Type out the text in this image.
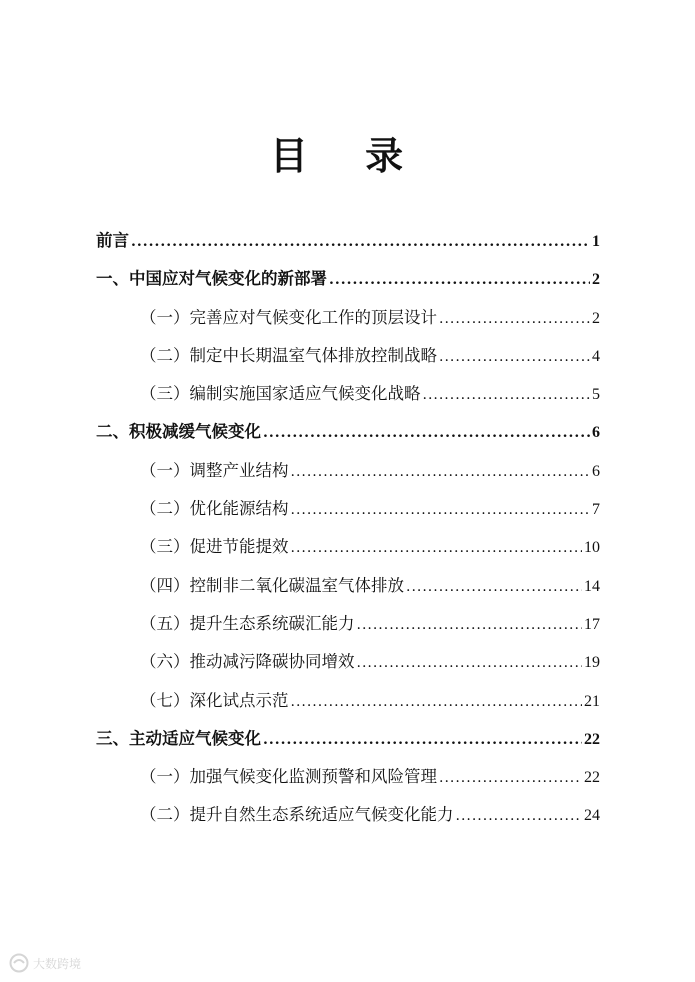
目 录
前言 .....	1
一、中国应对气候变化的新部署 .....	2
（一）完善应对气候变化工作的顶层设计 .....	2
（二）制定中长期温室气体排放控制战略 .....	4
（三）编制实施国家适应气候变化战略 .....	5
二、积极减缓气候变化 .....	6
（一）调整产业结构 .....	6
（二）优化能源结构 .....	7
（三）促进节能提效 .....	10
（四）控制非二氧化碳温室气体排放 .....	14
（五）提升生态系统碳汇能力 .....	17
（六）推动减污降碳协同增效 .....	19
（七）深化试点示范 .....	21
三、主动适应气候变化 .....	22
（一）加强气候变化监测预警和风险管理 .....	22
（二）提升自然生态系统适应气候变化能力 .....	24
大数跨境
